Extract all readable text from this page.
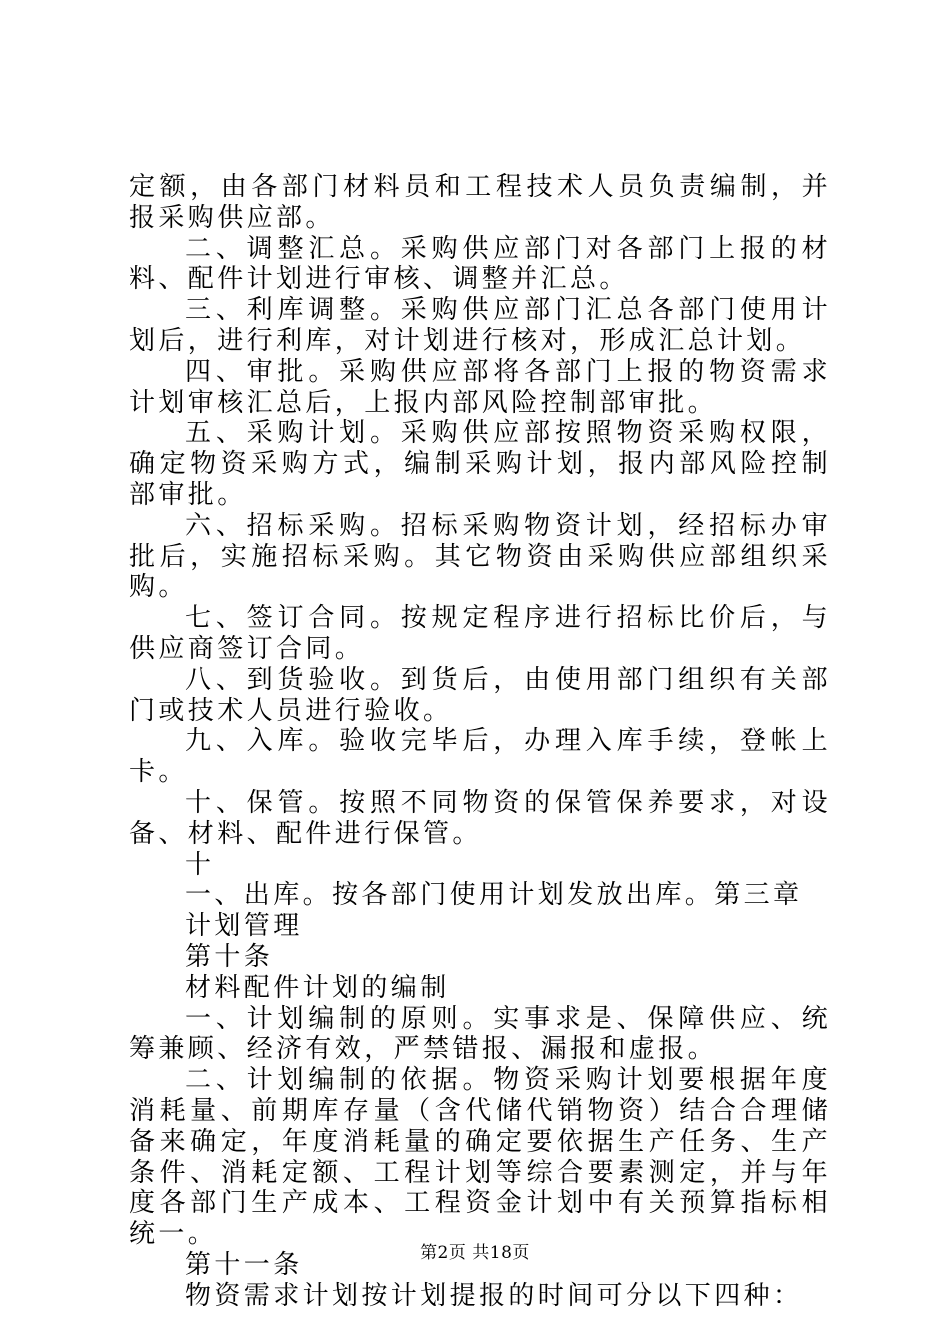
定额，由各部门材料员和工程技术人员负责编制，并报采购供应部。

二、调整汇总。采购供应部门对各部门上报的材料、配件计划进行审核、调整并汇总。

三、利库调整。采购供应部门汇总各部门使用计划后，进行利库，对计划进行核对，形成汇总计划。

四、审批。采购供应部将各部门上报的物资需求计划审核汇总后，上报内部风险控制部审批。

五、采购计划。采购供应部按照物资采购权限，确定物资采购方式，编制采购计划，报内部风险控制部审批。

六、招标采购。招标采购物资计划，经招标办审批后，实施招标采购。其它物资由采购供应部组织采购。

七、签订合同。按规定程序进行招标比价后，与供应商签订合同。

八、到货验收。到货后，由使用部门组织有关部门或技术人员进行验收。

九、入库。验收完毕后，办理入库手续，登帐上卡。

十、保管。按照不同物资的保管保养要求，对设备、材料、配件进行保管。

十

一、出库。按各部门使用计划发放出库。第三章

计划管理

第十条

材料配件计划的编制

一、计划编制的原则。实事求是、保障供应、统筹兼顾、经济有效，严禁错报、漏报和虚报。

二、计划编制的依据。物资采购计划要根据年度消耗量、前期库存量（含代储代销物资）结合合理储备来确定，年度消耗量的确定要依据生产任务、生产条件、消耗定额、工程计划等综合要素测定，并与年度各部门生产成本、工程资金计划中有关预算指标相统一。

第十一条

物资需求计划按计划提报的时间可分以下四种：

第2页 共18页
